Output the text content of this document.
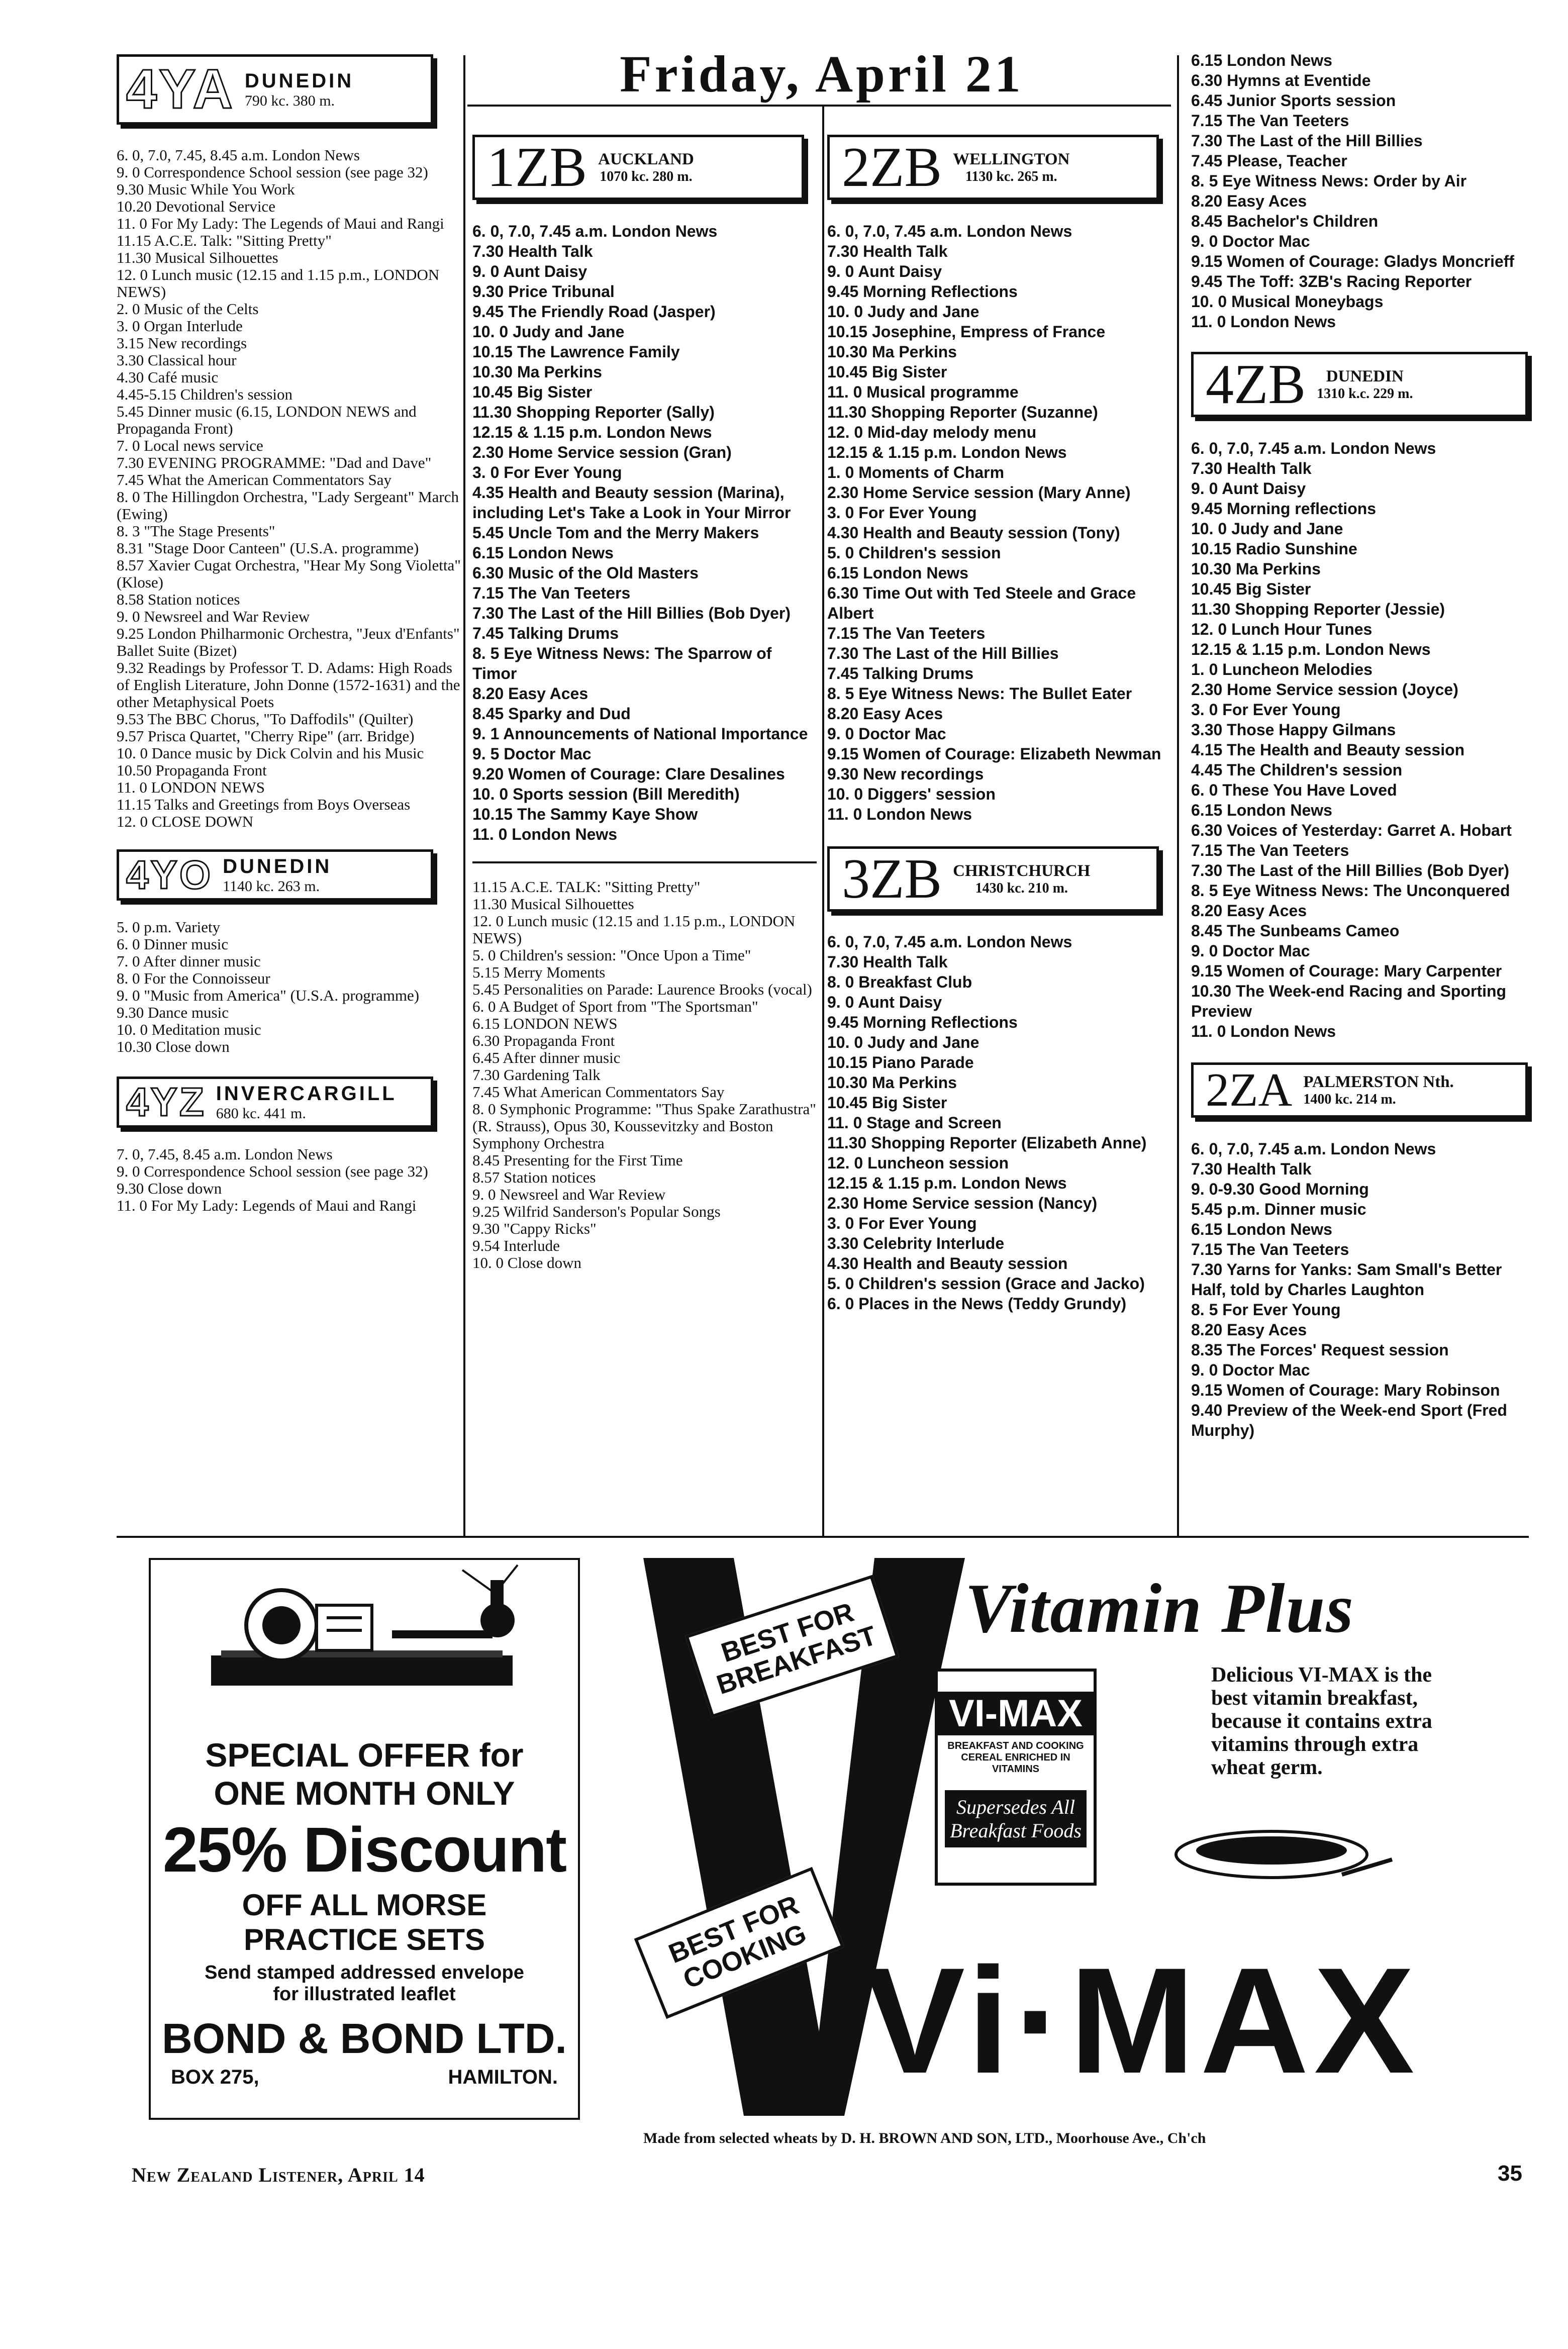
4YA DUNEDIN
790 kc. 380 m.
6. 0, 7.0, 7.45, 8.45 a.m. London News
9. 0 Correspondence School session (see page 32)
9.30 Music While You Work
10.20 Devotional Service
11. 0 For My Lady: The Legends of Maui and Rangi
11.15 A.C.E. Talk: "Sitting Pretty"
11.30 Musical Silhouettes
12. 0 Lunch music (12.15 and 1.15 p.m., LONDON NEWS)
2. 0 Music of the Celts
3. 0 Organ Interlude
3.15 New recordings
3.30 Classical hour
4.30 Café music
4.45-5.15 Children's session
5.45 Dinner music (6.15, LONDON NEWS and Propaganda Front)
7. 0 Local news service
7.30 EVENING PROGRAMME: "Dad and Dave"
7.45 What the American Commentators Say
8. 0 The Hillingdon Orchestra, "Lady Sergeant" March (Ewing)
8. 3 "The Stage Presents"
8.31 "Stage Door Canteen" (U.S.A. programme)
8.57 Xavier Cugat Orchestra, "Hear My Song Violetta" (Klose)
8.58 Station notices
9. 0 Newsreel and War Review
9.25 London Philharmonic Orchestra, "Jeux d'Enfants" Ballet Suite (Bizet)
9.32 Readings by Professor T. D. Adams: High Roads of English Literature, John Donne (1572-1631) and the other Metaphysical Poets
9.53 The BBC Chorus, "To Daffodils" (Quilter)
9.57 Prisca Quartet, "Cherry Ripe" (arr. Bridge)
10. 0 Dance music by Dick Colvin and his Music
10.50 Propaganda Front
11. 0 LONDON NEWS
11.15 Talks and Greetings from Boys Overseas
12. 0 CLOSE DOWN
4YO DUNEDIN
1140 kc. 263 m.
5. 0 p.m. Variety
6. 0 Dinner music
7. 0 After dinner music
8. 0 For the Connoisseur
9. 0 "Music from America" (U.S.A. programme)
9.30 Dance music
10. 0 Meditation music
10.30 Close down
4YZ INVERCARGILL
680 kc. 441 m.
7. 0, 7.45, 8.45 a.m. London News
9. 0 Correspondence School session (see page 32)
9.30 Close down
11. 0 For My Lady: Legends of Maui and Rangi
Friday, April 21
1ZB AUCKLAND
1070 kc. 280 m.
6. 0, 7.0, 7.45 a.m. London News
7.30 Health Talk
9. 0 Aunt Daisy
9.30 Price Tribunal
9.45 The Friendly Road (Jasper)
10. 0 Judy and Jane
10.15 The Lawrence Family
10.30 Ma Perkins
10.45 Big Sister
11.30 Shopping Reporter (Sally)
12.15 & 1.15 p.m. London News
2.30 Home Service session (Gran)
3. 0 For Ever Young
4.35 Health and Beauty session (Marina), including Let's Take a Look in Your Mirror
5.45 Uncle Tom and the Merry Makers
6.15 London News
6.30 Music of the Old Masters
7.15 The Van Teeters
7.30 The Last of the Hill Billies (Bob Dyer)
7.45 Talking Drums
8. 5 Eye Witness News: The Sparrow of Timor
8.20 Easy Aces
8.45 Sparky and Dud
9. 1 Announcements of National Importance
9. 5 Doctor Mac
9.20 Women of Courage: Clare Desalines
10. 0 Sports session (Bill Meredith)
10.15 The Sammy Kaye Show
11. 0 London News
11.15 A.C.E. TALK: "Sitting Pretty"
11.30 Musical Silhouettes
12. 0 Lunch music (12.15 and 1.15 p.m., LONDON NEWS)
5. 0 Children's session: "Once Upon a Time"
5.15 Merry Moments
5.45 Personalities on Parade: Laurence Brooks (vocal)
6. 0 A Budget of Sport from "The Sportsman"
6.15 LONDON NEWS
6.30 Propaganda Front
6.45 After dinner music
7.30 Gardening Talk
7.45 What American Commentators Say
8. 0 Symphonic Programme: "Thus Spake Zarathustra" (R. Strauss), Opus 30, Koussevitzky and Boston Symphony Orchestra
8.45 Presenting for the First Time
8.57 Station notices
9. 0 Newsreel and War Review
9.25 Wilfrid Sanderson's Popular Songs
9.30 "Cappy Ricks"
9.54 Interlude
10. 0 Close down
2ZB WELLINGTON
1130 kc. 265 m.
6. 0, 7.0, 7.45 a.m. London News
7.30 Health Talk
9. 0 Aunt Daisy
9.45 Morning Reflections
10. 0 Judy and Jane
10.15 Josephine, Empress of France
10.30 Ma Perkins
10.45 Big Sister
11. 0 Musical programme
11.30 Shopping Reporter (Suzanne)
12. 0 Mid-day melody menu
12.15 & 1.15 p.m. London News
1. 0 Moments of Charm
2.30 Home Service session (Mary Anne)
3. 0 For Ever Young
4.30 Health and Beauty session (Tony)
5. 0 Children's session
6.15 London News
6.30 Time Out with Ted Steele and Grace Albert
7.15 The Van Teeters
7.30 The Last of the Hill Billies
7.45 Talking Drums
8. 5 Eye Witness News: The Bullet Eater
8.20 Easy Aces
9. 0 Doctor Mac
9.15 Women of Courage: Elizabeth Newman
9.30 New recordings
10. 0 Diggers' session
11. 0 London News
3ZB CHRISTCHURCH
1430 kc. 210 m.
6. 0, 7.0, 7.45 a.m. London News
7.30 Health Talk
8. 0 Breakfast Club
9. 0 Aunt Daisy
9.45 Morning Reflections
10. 0 Judy and Jane
10.15 Piano Parade
10.30 Ma Perkins
10.45 Big Sister
11. 0 Stage and Screen
11.30 Shopping Reporter (Elizabeth Anne)
12. 0 Luncheon session
12.15 & 1.15 p.m. London News
2.30 Home Service session (Nancy)
3. 0 For Ever Young
3.30 Celebrity Interlude
4.30 Health and Beauty session
5. 0 Children's session (Grace and Jacko)
6. 0 Places in the News (Teddy Grundy)
6.15 London News
6.30 Hymns at Eventide
6.45 Junior Sports session
7.15 The Van Teeters
7.30 The Last of the Hill Billies
7.45 Please, Teacher
8. 5 Eye Witness News: Order by Air
8.20 Easy Aces
8.45 Bachelor's Children
9. 0 Doctor Mac
9.15 Women of Courage: Gladys Moncrieff
9.45 The Toff: 3ZB's Racing Reporter
10. 0 Musical Moneybags
11. 0 London News
4ZB	DUNEDIN
1310 k.c. 229 m.
6. 0, 7.0, 7.45 a.m. London News
7.30 Health Talk
9. 0 Aunt Daisy
9.45 Morning reflections
10. 0 Judy and Jane
10.15 Radio Sunshine
10.30 Ma Perkins
10.45 Big Sister
11.30 Shopping Reporter (Jessie)
12. 0 Lunch Hour Tunes
12.15 & 1.15 p.m. London News
1. 0 Luncheon Melodies
2.30 Home Service session (Joyce)
3. 0 For Ever Young
3.30 Those Happy Gilmans
4.15 The Health and Beauty session
4.45 The Children's session
6. 0 These You Have Loved
6.15 London News
6.30 Voices of Yesterday: Garret A. Hobart
7.15 The Van Teeters
7.30 The Last of the Hill Billies (Bob Dyer)
8. 5 Eye Witness News: The Unconquered
8.20 Easy Aces
8.45 The Sunbeams Cameo
9. 0 Doctor Mac
9.15 Women of Courage: Mary Carpenter
10.30 The Week-end Racing and Sporting Preview
11. 0 London News
2ZA PALMERSTON Nth.
1400 kc. 214 m.
6. 0, 7.0, 7.45 a.m. London News
7.30 Health Talk
9. 0-9.30 Good Morning
5.45 p.m. Dinner music
6.15 London News
7.15 The Van Teeters
7.30 Yarns for Yanks: Sam Small's Better Half, told by Charles Laughton
8. 5 For Ever Young
8.20 Easy Aces
8.35 The Forces' Request session
9. 0 Doctor Mac
9.15 Women of Courage: Mary Robinson
9.40 Preview of the Week-end Sport (Fred Murphy)
SPECIAL OFFER for
ONE MONTH ONLY
25% Discount
OFF ALL MORSE
PRACTICE SETS
Send stamped addressed envelope
for illustrated leaflet
BOND & BOND LTD.
BOX 275,	HAMILTON.
BEST FOR BREAKFAST
BEST FOR COOKING
Vitamin Plus
VI-MAX
BREAKFAST AND COOKING CEREAL ENRICHED IN VITAMINS
Supersedes All Breakfast Foods
Delicious VI-MAX is the best vitamin breakfast, because it contains extra vitamins through extra wheat germ.
Vi·MAX
Made from selected wheats by D. H. BROWN AND SON, LTD., Moorhouse Ave., Ch'ch
New Zealand Listener, April 14	35
